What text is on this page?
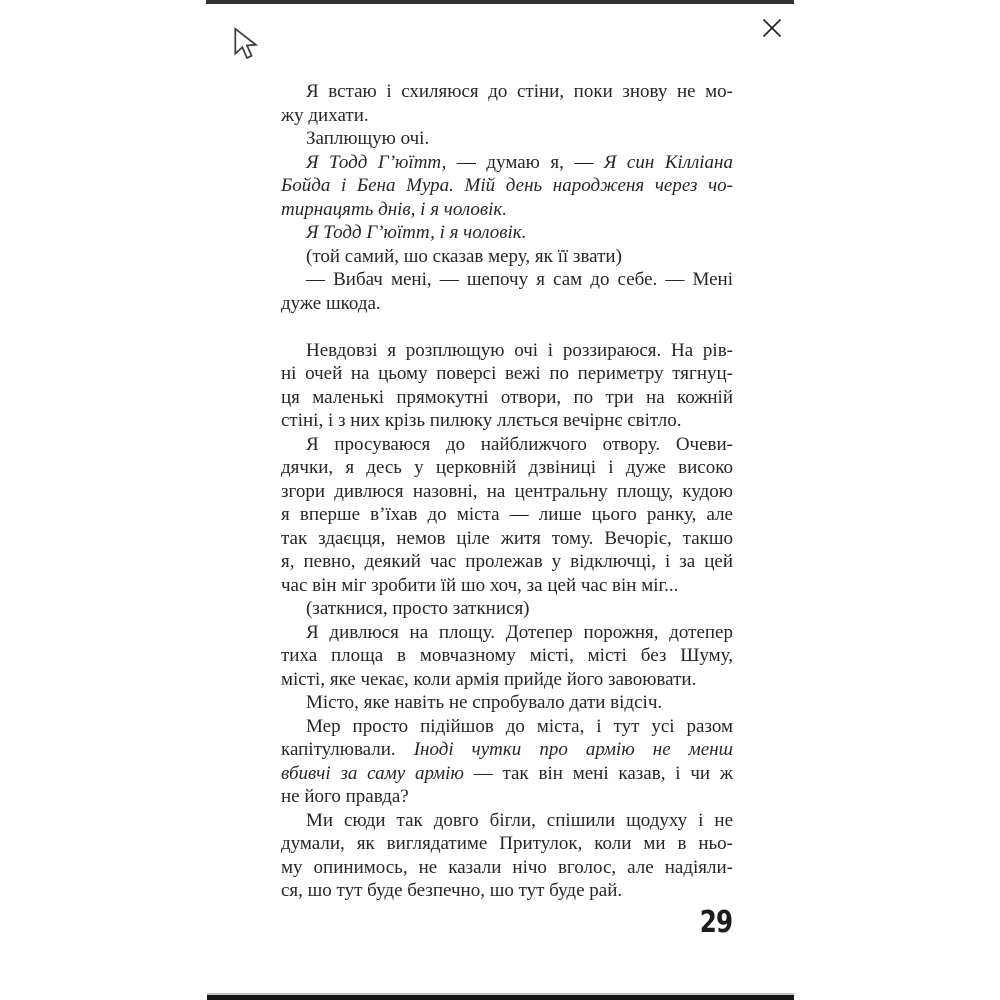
Я встаю і схиляюся до стіни, поки знову не мо-
жу дихати.
Заплющую очі.
Я Тодд Г’юїтт, — думаю я, — Я син Кілліана
Бойда і Бена Мура. Мій день народженя через чо-
тирнацять днів, і я чоловік.
Я Тодд Г’юїтт, і я чоловік.
(той самий, шо сказав меру, як її звати)
— Вибач мені, — шепочу я сам до себе. — Мені
дуже шкода.
Невдовзі я розплющую очі і роззираюся. На рів-
ні очей на цьому поверсі вежі по периметру тягнуц-
ця маленькі прямокутні отвори, по три на кожній
стіні, і з них крізь пилюку ллється вечірнє світло.
Я просуваюся до найближчого отвору. Очеви-
дячки, я десь у церковній дзвіниці і дуже високо
згори дивлюся назовні, на центральну площу, кудою
я вперше в’їхав до міста — лише цього ранку, але
так здаєцця, немов ціле житя тому. Вечоріє, такшо
я, певно, деякий час пролежав у відключці, і за цей
час він міг зробити їй шо хоч, за цей час він міг...
(заткнися, просто заткнися)
Я дивлюся на площу. Дотепер порожня, дотепер
тиха площа в мовчазному місті, місті без Шуму,
місті, яке чекає, коли армія прийде його завоювати.
Місто, яке навіть не спробувало дати відсіч.
Мер просто підійшов до міста, і тут усі разом
капітулювали. Іноді чутки про армію не менш
вбивчі за саму армію — так він мені казав, і чи ж
не його правда?
Ми сюди так довго бігли, спішили щодуху і не
думали, як виглядатиме Притулок, коли ми в ньо-
му опинимось, не казали нічо вголос, але надіяли-
ся, шо тут буде безпечно, шо тут буде рай.
29
